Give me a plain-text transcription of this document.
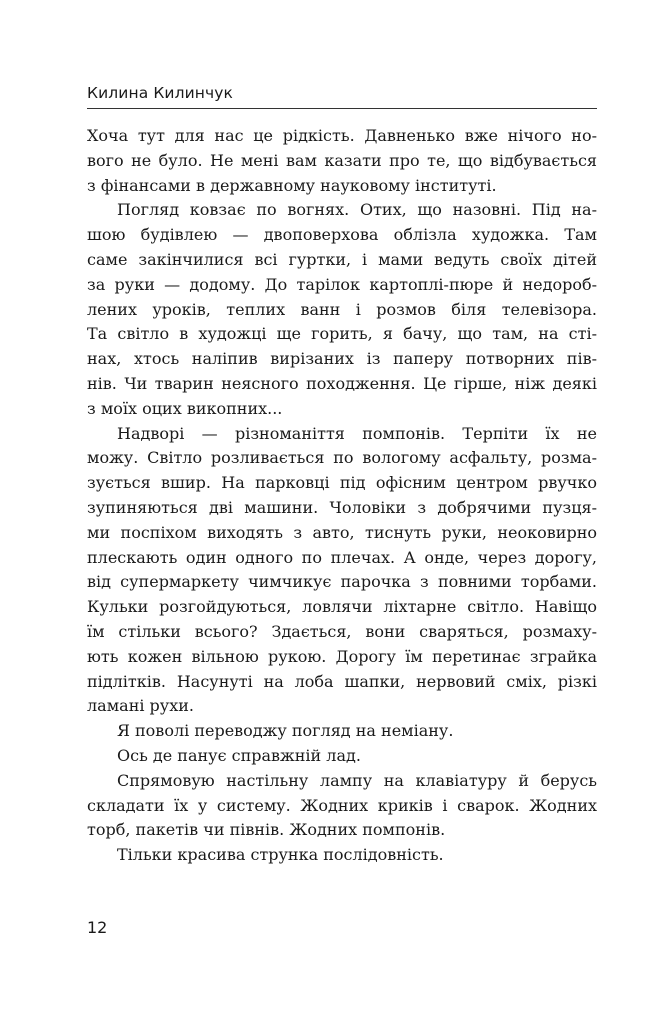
Килина Килинчук
Хоча тут для нас це рідкість. Давненько вже нічого но-
вого не було. Не мені вам казати про те, що відбувається
з фінансами в державному науковому інституті.
Погляд ковзає по вогнях. Отих, що назовні. Під на-
шою будівлею — двоповерхова облізла художка. Там
саме закінчилися всі гуртки, і мами ведуть своїх дітей
за руки — додому. До тарілок картоплі-пюре й недороб-
лених уроків, теплих ванн і розмов біля телевізора.
Та світло в художці ще горить, я бачу, що там, на сті-
нах, хтось наліпив вирізаних із паперу потворних пів-
нів. Чи тварин неясного походження. Це гірше, ніж деякі
з моїх оцих викопних...
Надворі — різноманіття помпонів. Терпіти їх не
можу. Світло розливається по вологому асфальту, розма-
зується вшир. На парковці під офісним центром рвучко
зупиняються дві машини. Чоловіки з добрячими пузця-
ми поспіхом виходять з авто, тиснуть руки, неоковирно
плескають один одного по плечах. А онде, через дорогу,
від супермаркету чимчикує парочка з повними торбами.
Кульки розгойдуються, ловлячи ліхтарне світло. Навіщо
їм стільки всього? Здається, вони сваряться, розмаху-
ють кожен вільною рукою. Дорогу їм перетинає зграйка
підлітків. Насунуті на лоба шапки, нервовий сміх, різкі
ламані рухи.
Я поволі переводжу погляд на неміану.
Ось де панує справжній лад.
Спрямовую настільну лампу на клавіатуру й берусь
складати їх у систему. Жодних криків і сварок. Жодних
торб, пакетів чи півнів. Жодних помпонів.
Тільки красива струнка послідовність.
12
